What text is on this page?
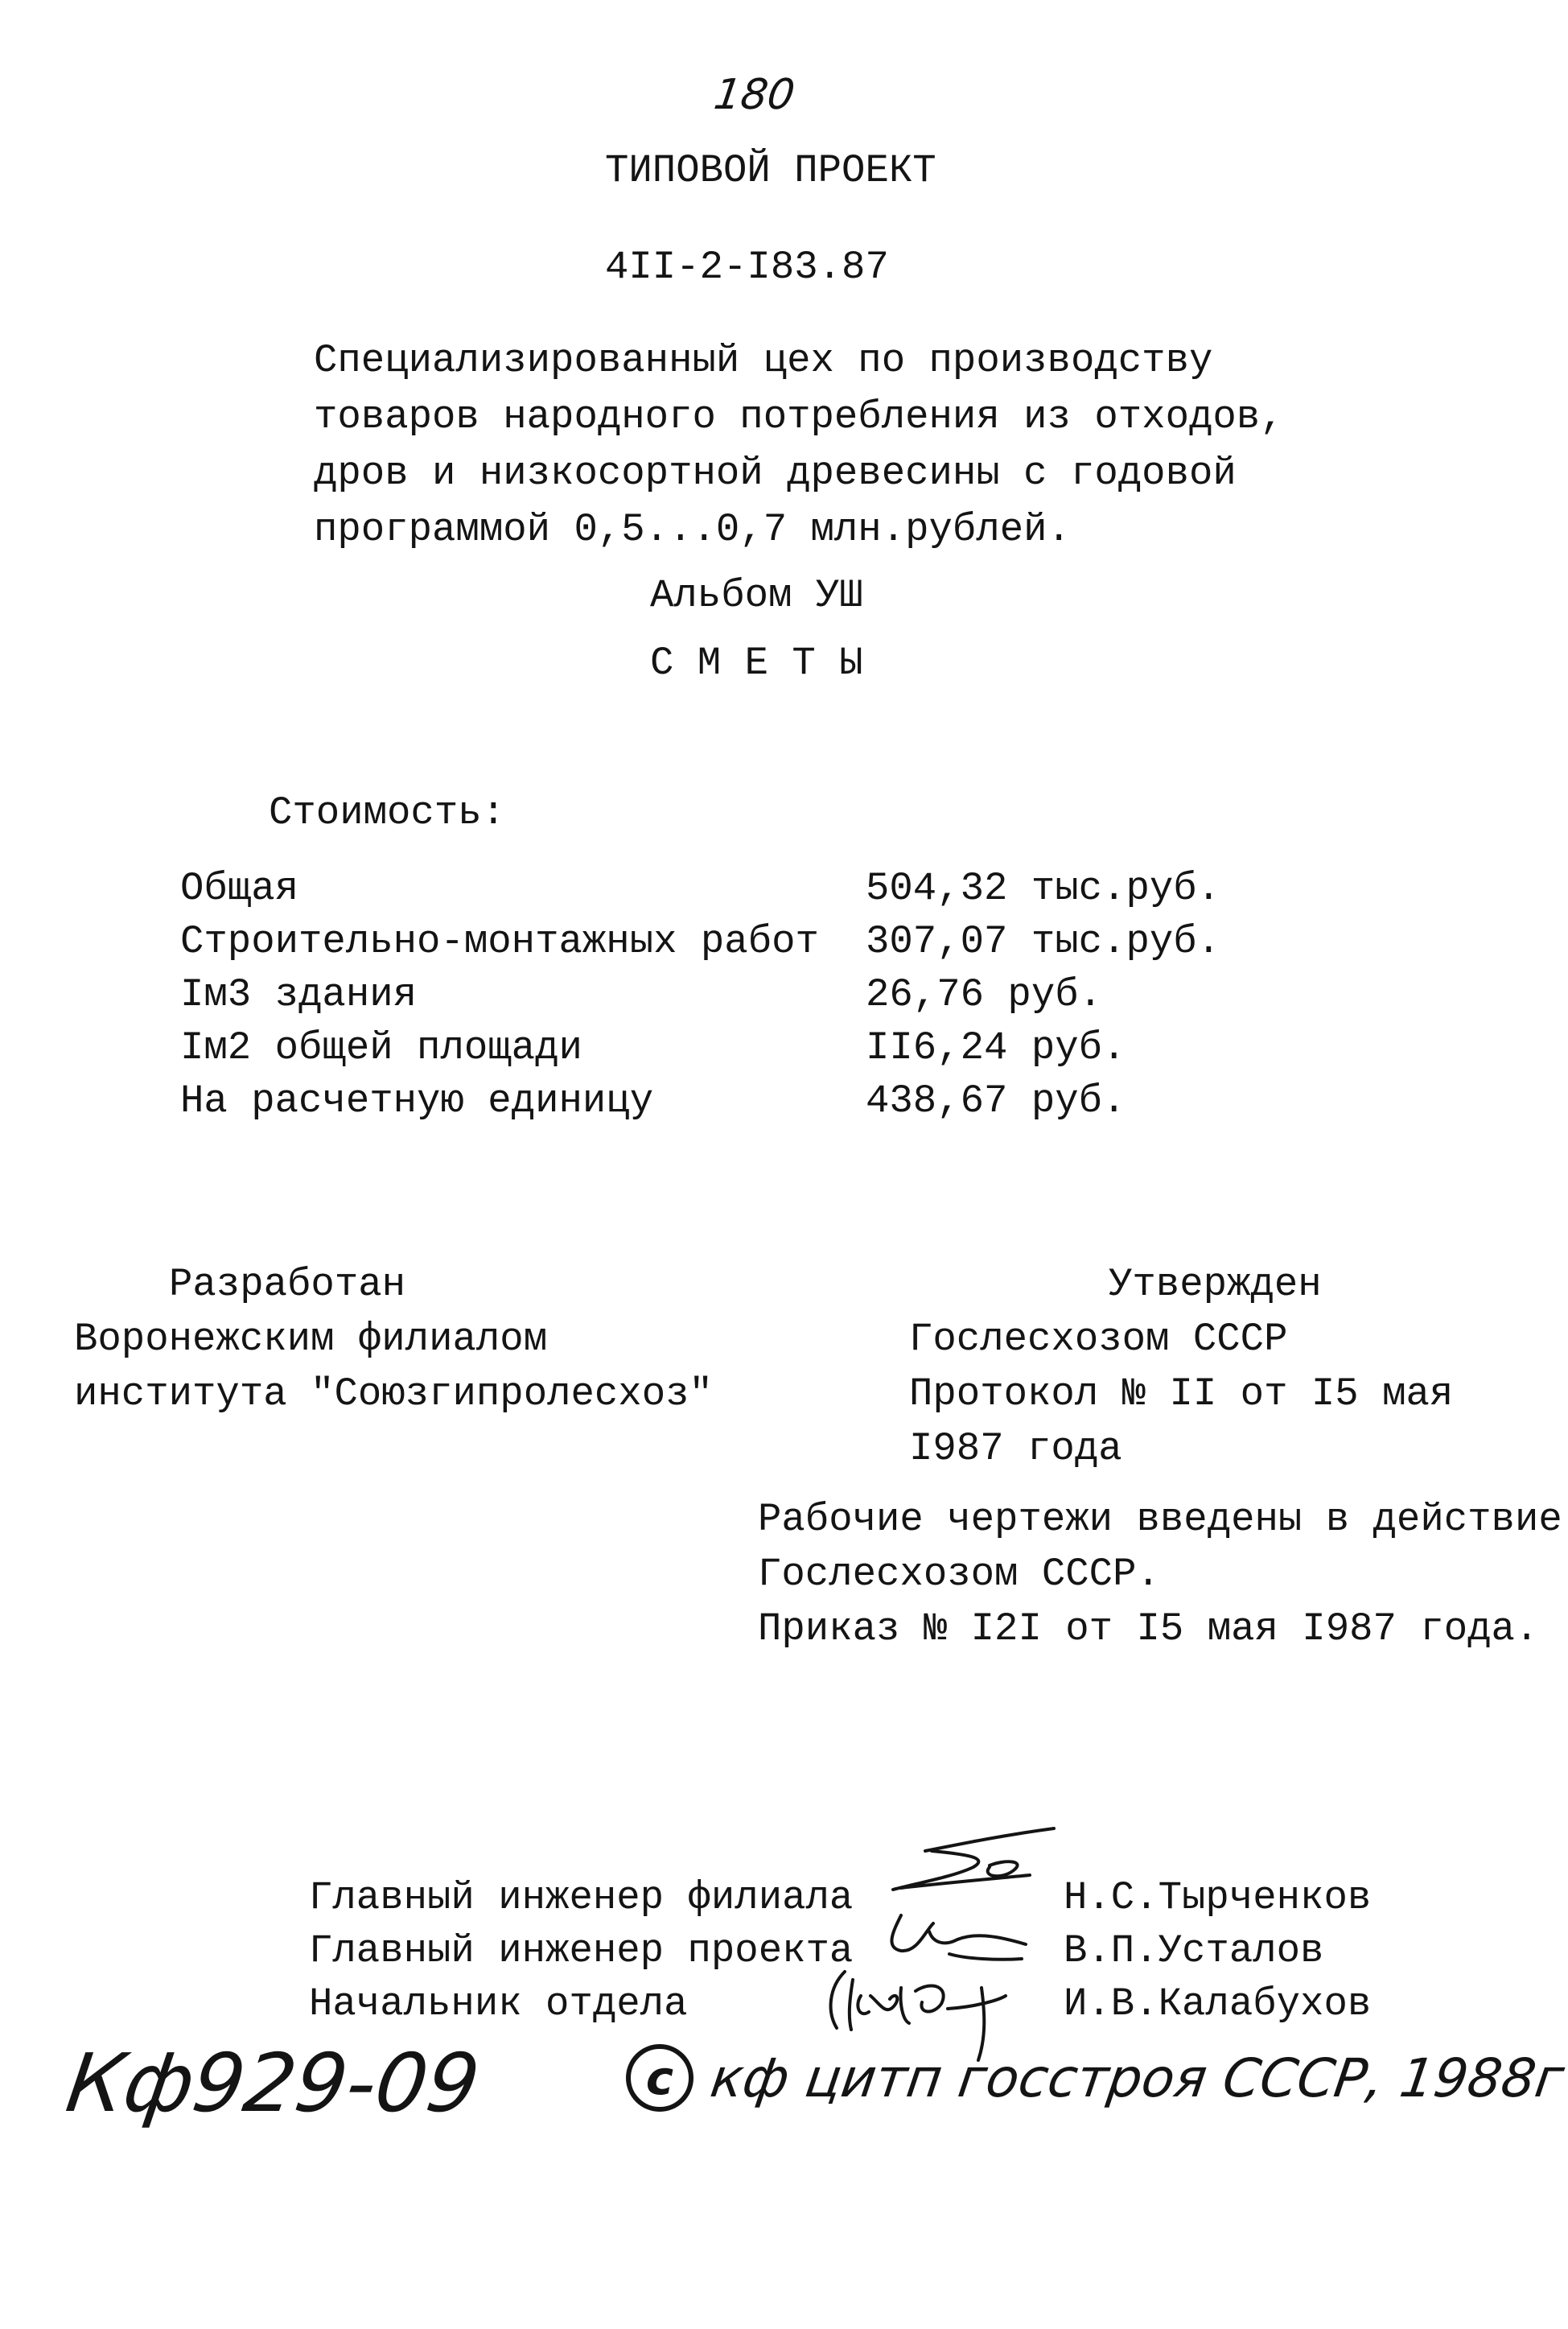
180
ТИПОВОЙ ПРОЕКТ
4II-2-I83.87

Специализированный цех по производству

товаров народного потребления из отходов,

дров и низкосортной древесины с годовой

программой 0,5...0,7 млн.рублей.

Альбом УШ
С М Е Т Ы
Стоимость:
Общая	504,32 тыс.руб.
Строительно-монтажных работ 307,07 тыс.руб.
Iм3 здания	26,76 руб.
Iм2 общей площади	II6,24 руб.
На расчетную единицу	438,67 руб.

Разработан

Воронежским филиалом

института "Союзгипролесхоз"

Утвержден

Гослесхозом СССР

Протокол № II от I5 мая

I987 года

Рабочие чертежи введены в действие

Гослесхозом СССР.

Приказ № I2I от I5 мая I987 года.

Главный инженер филиала	Н.С.Тырченков
Главный инженер проекта	В.П.Усталов
Начальник отдела	И.В.Калабухов
Кф929-09	c кф цитп госстроя СССР, 1988г
